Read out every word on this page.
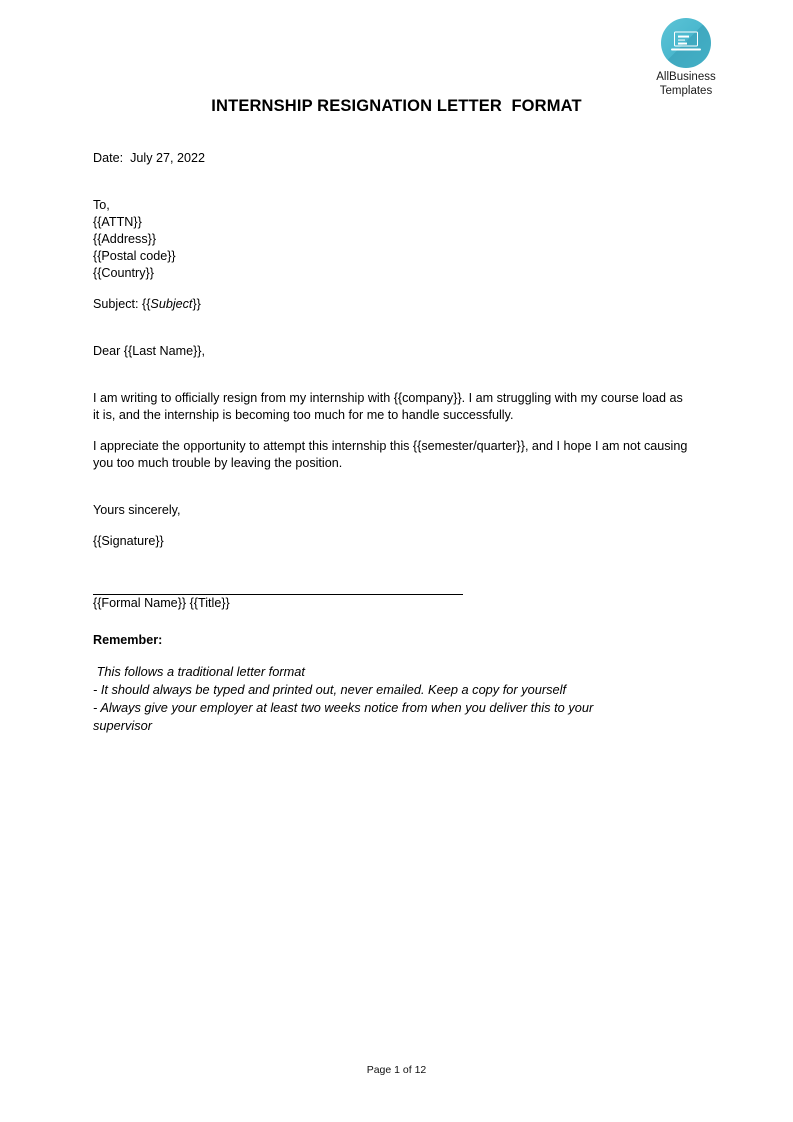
AllBusiness
Templates
INTERNSHIP RESIGNATION LETTER  FORMAT
Date:  July 27, 2022
To,
{{ATTN}}
{{Address}}
{{Postal code}}
{{Country}}
Subject: {{Subject}}
Dear {{Last Name}},
I am writing to officially resign from my internship with {{company}}. I am struggling with my course load as it is, and the internship is becoming too much for me to handle successfully.
I appreciate the opportunity to attempt this internship this {{semester/quarter}}, and I hope I am not causing you too much trouble by leaving the position.
Yours sincerely,
{{Signature}}
{{Formal Name}} {{Title}}
Remember:
This follows a traditional letter format
- It should always be typed and printed out, never emailed. Keep a copy for yourself
- Always give your employer at least two weeks notice from when you deliver this to your supervisor
Page 1 of 12
